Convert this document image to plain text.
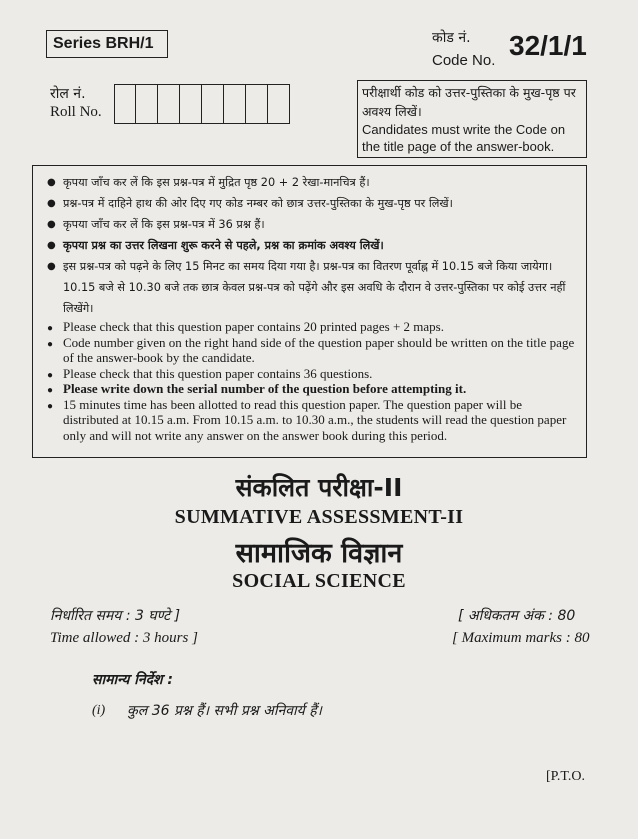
Series BRH/1	कोड नं.
Code No. 32/1/1
रोल नं.
Roll No.
परीक्षार्थी कोड को उत्तर-पुस्तिका के मुख-पृष्ठ पर अवश्य लिखें।
Candidates must write the Code on the title page of the answer-book.
● कृपया जाँच कर लें कि इस प्रश्न-पत्र में मुद्रित पृष्ठ 20 + 2 रेखा-मानचित्र हैं।
● प्रश्न-पत्र में दाहिने हाथ की ओर दिए गए कोड नम्बर को छात्र उत्तर-पुस्तिका के मुख-पृष्ठ पर लिखें।
● कृपया जाँच कर लें कि इस प्रश्न-पत्र में 36 प्रश्न हैं।
● कृपया प्रश्न का उत्तर लिखना शुरू करने से पहले, प्रश्न का क्रमांक अवश्य लिखें।
● इस प्रश्न-पत्र को पढ़ने के लिए 15 मिनट का समय दिया गया है। प्रश्न-पत्र का वितरण पूर्वाह्न में 10.15 बजे किया जायेगा। 10.15 बजे से 10.30 बजे तक छात्र केवल प्रश्न-पत्र को पढ़ेंगे और इस अवधि के दौरान वे उत्तर-पुस्तिका पर कोई उत्तर नहीं लिखेंगे।
● Please check that this question paper contains 20 printed pages + 2 maps.
● Code number given on the right hand side of the question paper should be written on the title page of the answer-book by the candidate.
● Please check that this question paper contains 36 questions.
● Please write down the serial number of the question before attempting it.
● 15 minutes time has been allotted to read this question paper. The question paper will be distributed at 10.15 a.m. From 10.15 a.m. to 10.30 a.m., the students will read the question paper only and will not write any answer on the answer book during this period.
संकलित परीक्षा-II
SUMMATIVE ASSESSMENT-II
सामाजिक विज्ञान
SOCIAL SCIENCE
निर्धारित समय : 3 घण्टे ]
Time allowed : 3 hours ]
[ अधिकतम अंक : 80
[ Maximum marks : 80
सामान्य निर्देश :
(i) कुल 36 प्रश्न हैं। सभी प्रश्न अनिवार्य हैं।
[P.T.O.
